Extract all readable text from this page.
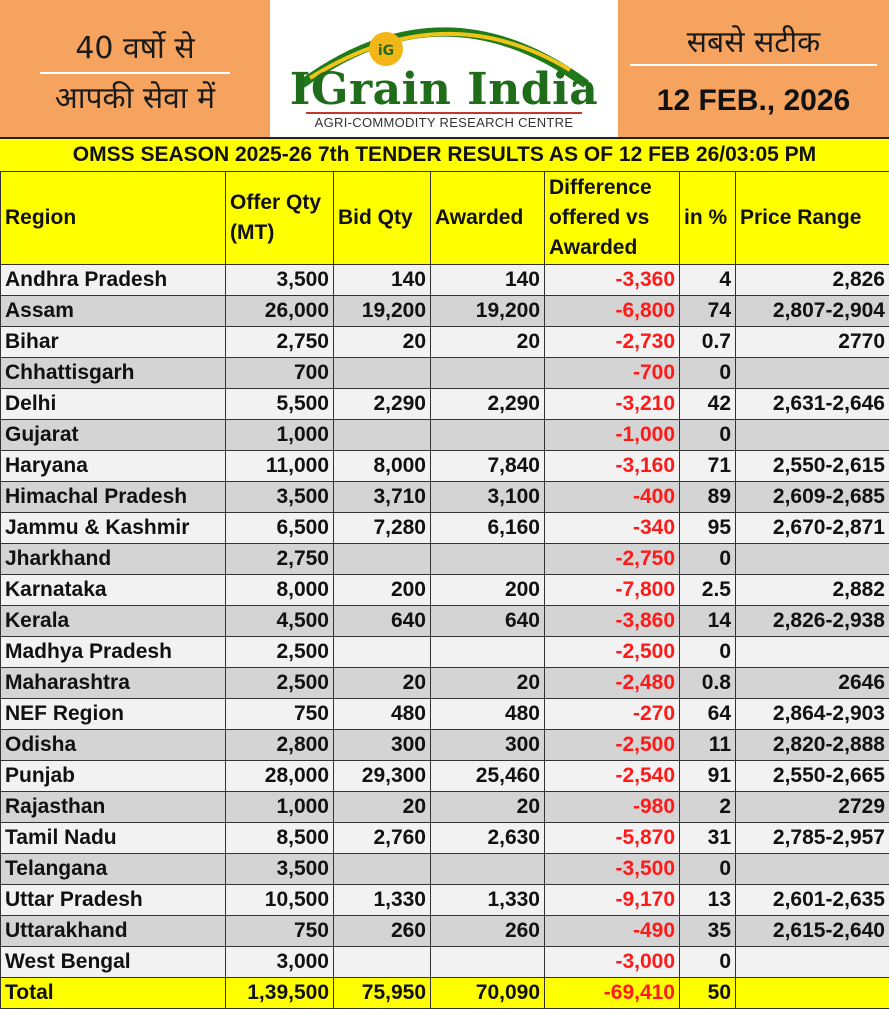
40 वर्षो से
आपकी सेवा में
iG
IGrain India
AGRI-COMMODITY RESEARCH CENTRE
सबसे सटीक
12 FEB., 2026
OMSS SEASON 2025-26 7th TENDER RESULTS AS OF 12 FEB 26/03:05 PM
Region	Offer Qty (MT)	Bid Qty	Awarded	Difference offered vs Awarded	in %	Price Range
Andhra Pradesh	3,500	140	140	-3,360	4	2,826
Assam	26,000	19,200	19,200	-6,800	74	2,807-2,904
Bihar	2,750	20	20	-2,730	0.7	2770
Chhattisgarh	700			-700	0	
Delhi	5,500	2,290	2,290	-3,210	42	2,631-2,646
Gujarat	1,000			-1,000	0	
Haryana	11,000	8,000	7,840	-3,160	71	2,550-2,615
Himachal Pradesh	3,500	3,710	3,100	-400	89	2,609-2,685
Jammu & Kashmir	6,500	7,280	6,160	-340	95	2,670-2,871
Jharkhand	2,750			-2,750	0	
Karnataka	8,000	200	200	-7,800	2.5	2,882
Kerala	4,500	640	640	-3,860	14	2,826-2,938
Madhya Pradesh	2,500			-2,500	0	
Maharashtra	2,500	20	20	-2,480	0.8	2646
NEF Region	750	480	480	-270	64	2,864-2,903
Odisha	2,800	300	300	-2,500	11	2,820-2,888
Punjab	28,000	29,300	25,460	-2,540	91	2,550-2,665
Rajasthan	1,000	20	20	-980	2	2729
Tamil Nadu	8,500	2,760	2,630	-5,870	31	2,785-2,957
Telangana	3,500			-3,500	0	
Uttar Pradesh	10,500	1,330	1,330	-9,170	13	2,601-2,635
Uttarakhand	750	260	260	-490	35	2,615-2,640
West Bengal	3,000			-3,000	0	
Total	1,39,500	75,950	70,090	-69,410	50	
